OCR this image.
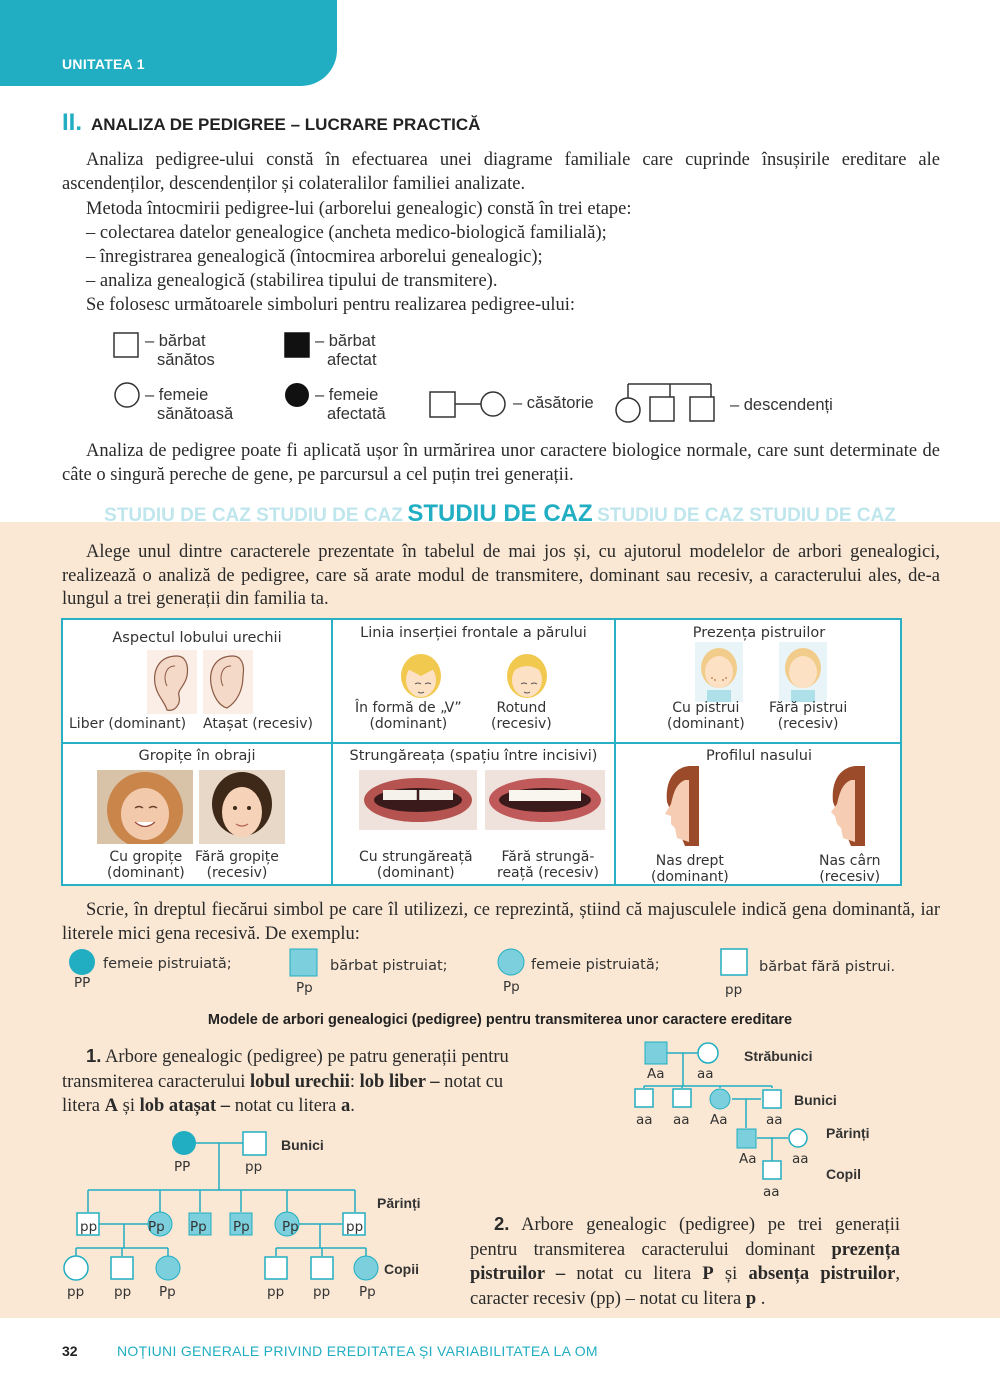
UNITATEA 1
II. ANALIZA DE PEDIGREE – LUCRARE PRACTICĂ
Analiza pedigree-ului constă în efectuarea unei diagrame familiale care cuprinde însușirile ereditare ale ascendenților, descendenților și colateralilor familiei analizate.
Metoda întocmirii pedigree-lui (arborelui genealogic) constă în trei etape:
– colectarea datelor genealogice (ancheta medico-biologică familială);
– înregistrarea genealogică (întocmirea arborelui genealogic);
– analiza genealogică (stabilirea tipului de transmitere).
Se folosesc următoarele simboluri pentru realizarea pedigree-ului:
– bărbat
sănătos
– bărbat
afectat
– femeie
sănătoasă
– femeie
afectată
– căsătorie	– descendenți
Analiza de pedigree poate fi aplicată ușor în urmărirea unor caractere biologice normale, care sunt determinate de câte o singură pereche de gene, pe parcursul a cel puțin trei generații.
STUDIU DE CAZ STUDIU DE CAZ STUDIU DE CAZ STUDIU DE CAZ STUDIU DE CAZ
Alege unul dintre caracterele prezentate în tabelul de mai jos și, cu ajutorul modelelor de arbori genealogici, realizează o analiză de pedigree, care să arate modul de transmitere, dominant sau recesiv, a caracterului ales, de-a lungul a trei generații din familia ta.
Aspectul lobului urechii
Liber (dominant) Atașat (recesiv)
Linia inserției frontale a părului
În formă de „V”
(dominant)
Rotund
(recesiv)
Prezența pistruilor
Cu pistrui
(dominant)
Fără pistrui
(recesiv)
Gropițe în obraji
Cu gropițe
(dominant)
Fără gropițe
(recesiv)
Strungăreața (spațiu între incisivi)
Cu strungăreață
(dominant)
Fără strungă-
reață (recesiv)
Profilul nasului
Nas drept
(dominant)
Nas cârn
(recesiv)
Scrie, în dreptul fiecărui simbol pe care îl utilizezi, ce reprezintă, știind că majusculele indică gena dominantă, iar literele mici gena recesivă. De exemplu:
femeie pistruiată;
PP
bărbat pistruiat;
Pp
femeie pistruiată;
Pp
bărbat fără pistrui.
pp
Modele de arbori genealogici (pedigree) pentru transmiterea unor caractere ereditare
1. Arbore genealogic (pedigree) pe patru generații pentru transmiterea caracterului lobul urechii: lob liber – notat cu litera A și lob atașat – notat cu litera a.
PP	pp
Bunici
pp	Pp Pp Pp Pp	pp
Părinți
pp pp Pp	pp pp Pp
Copii
Aa aa
Străbunici
aa aa Aa	aa
Bunici
Aa	aa
Părinți
aa
Copil
2. Arbore genealogic (pedigree) pe trei generații pentru transmiterea caracterului dominant prezența pistruilor – notat cu litera P și absența pistruilor, caracter recesiv (pp) – notat cu litera p .
32	NOȚIUNI GENERALE PRIVIND EREDITATEA ȘI VARIABILITATEA LA OM
